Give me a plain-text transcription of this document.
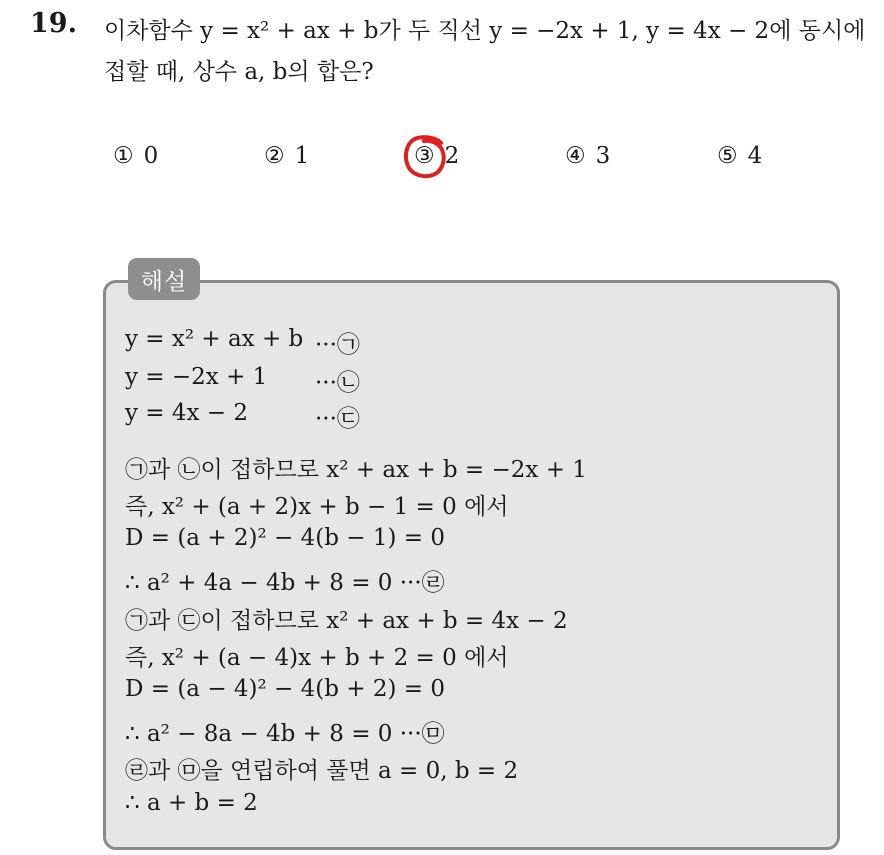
19. 이차함수 y = x² + ax + b가 두 직선 y = −2x + 1, y = 4x − 2에 동시에
접할 때, 상수 a, b의 합은?
① 0	② 1	③ 2	④ 3	⑤ 4
해설
y = x² + ax + b ···㉠
y = −2x + 1 ···㉡
y = 4x − 2	···㉢
㉠과 ㉡이 접하므로 x² + ax + b = −2x + 1
즉, x² + (a + 2)x + b − 1 = 0 에서
D = (a + 2)² − 4(b − 1) = 0
∴ a² + 4a − 4b + 8 = 0 ···㉣
㉠과 ㉢이 접하므로 x² + ax + b = 4x − 2
즉, x² + (a − 4)x + b + 2 = 0 에서
D = (a − 4)² − 4(b + 2) = 0
∴ a² − 8a − 4b + 8 = 0 ···㉤
㉣과 ㉤을 연립하여 풀면 a = 0, b = 2
∴ a + b = 2
